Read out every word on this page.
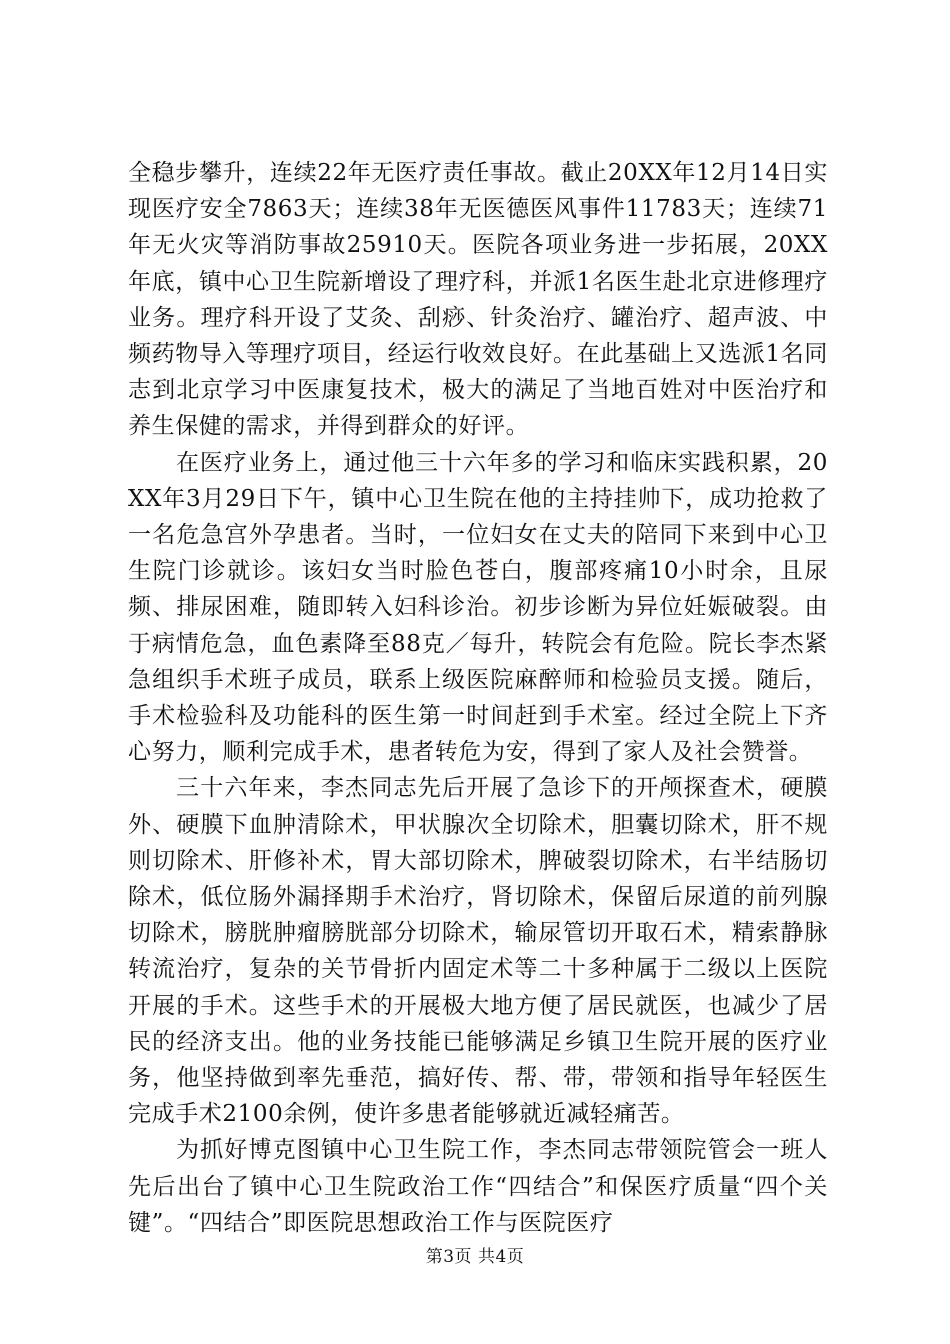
全稳步攀升，连续22年无医疗责任事故。截止20XX年12月14日实现医疗安全7863天；连续38年无医德医风事件11783天；连续71年无火灾等消防事故25910天。医院各项业务进一步拓展，20XX年底，镇中心卫生院新增设了理疗科，并派1名医生赴北京进修理疗业务。理疗科开设了艾灸、刮痧、针灸治疗、罐治疗、超声波、中频药物导入等理疗项目，经运行收效良好。在此基础上又选派1名同志到北京学习中医康复技术，极大的满足了当地百姓对中医治疗和养生保健的需求，并得到群众的好评。

在医疗业务上，通过他三十六年多的学习和临床实践积累，20XX年3月29日下午，镇中心卫生院在他的主持挂帅下，成功抢救了一名危急宫外孕患者。当时，一位妇女在丈夫的陪同下来到中心卫生院门诊就诊。该妇女当时脸色苍白，腹部疼痛10小时余，且尿频、排尿困难，随即转入妇科诊治。初步诊断为异位妊娠破裂。由于病情危急，血色素降至88克／每升，转院会有危险。院长李杰紧急组织手术班子成员，联系上级医院麻醉师和检验员支援。随后，手术检验科及功能科的医生第一时间赶到手术室。经过全院上下齐心努力，顺利完成手术，患者转危为安，得到了家人及社会赞誉。

三十六年来，李杰同志先后开展了急诊下的开颅探查术，硬膜外、硬膜下血肿清除术，甲状腺次全切除术，胆囊切除术，肝不规则切除术、肝修补术，胃大部切除术，脾破裂切除术，右半结肠切除术，低位肠外漏择期手术治疗，肾切除术，保留后尿道的前列腺切除术，膀胱肿瘤膀胱部分切除术，输尿管切开取石术，精索静脉转流治疗，复杂的关节骨折内固定术等二十多种属于二级以上医院开展的手术。这些手术的开展极大地方便了居民就医，也减少了居民的经济支出。他的业务技能已能够满足乡镇卫生院开展的医疗业务，他坚持做到率先垂范，搞好传、帮、带，带领和指导年轻医生完成手术2100余例，使许多患者能够就近减轻痛苦。

为抓好博克图镇中心卫生院工作，李杰同志带领院管会一班人先后出台了镇中心卫生院政治工作“四结合”和保医疗质量“四个关键”。“四结合”即医院思想政治工作与医院医疗

第3页 共4页
